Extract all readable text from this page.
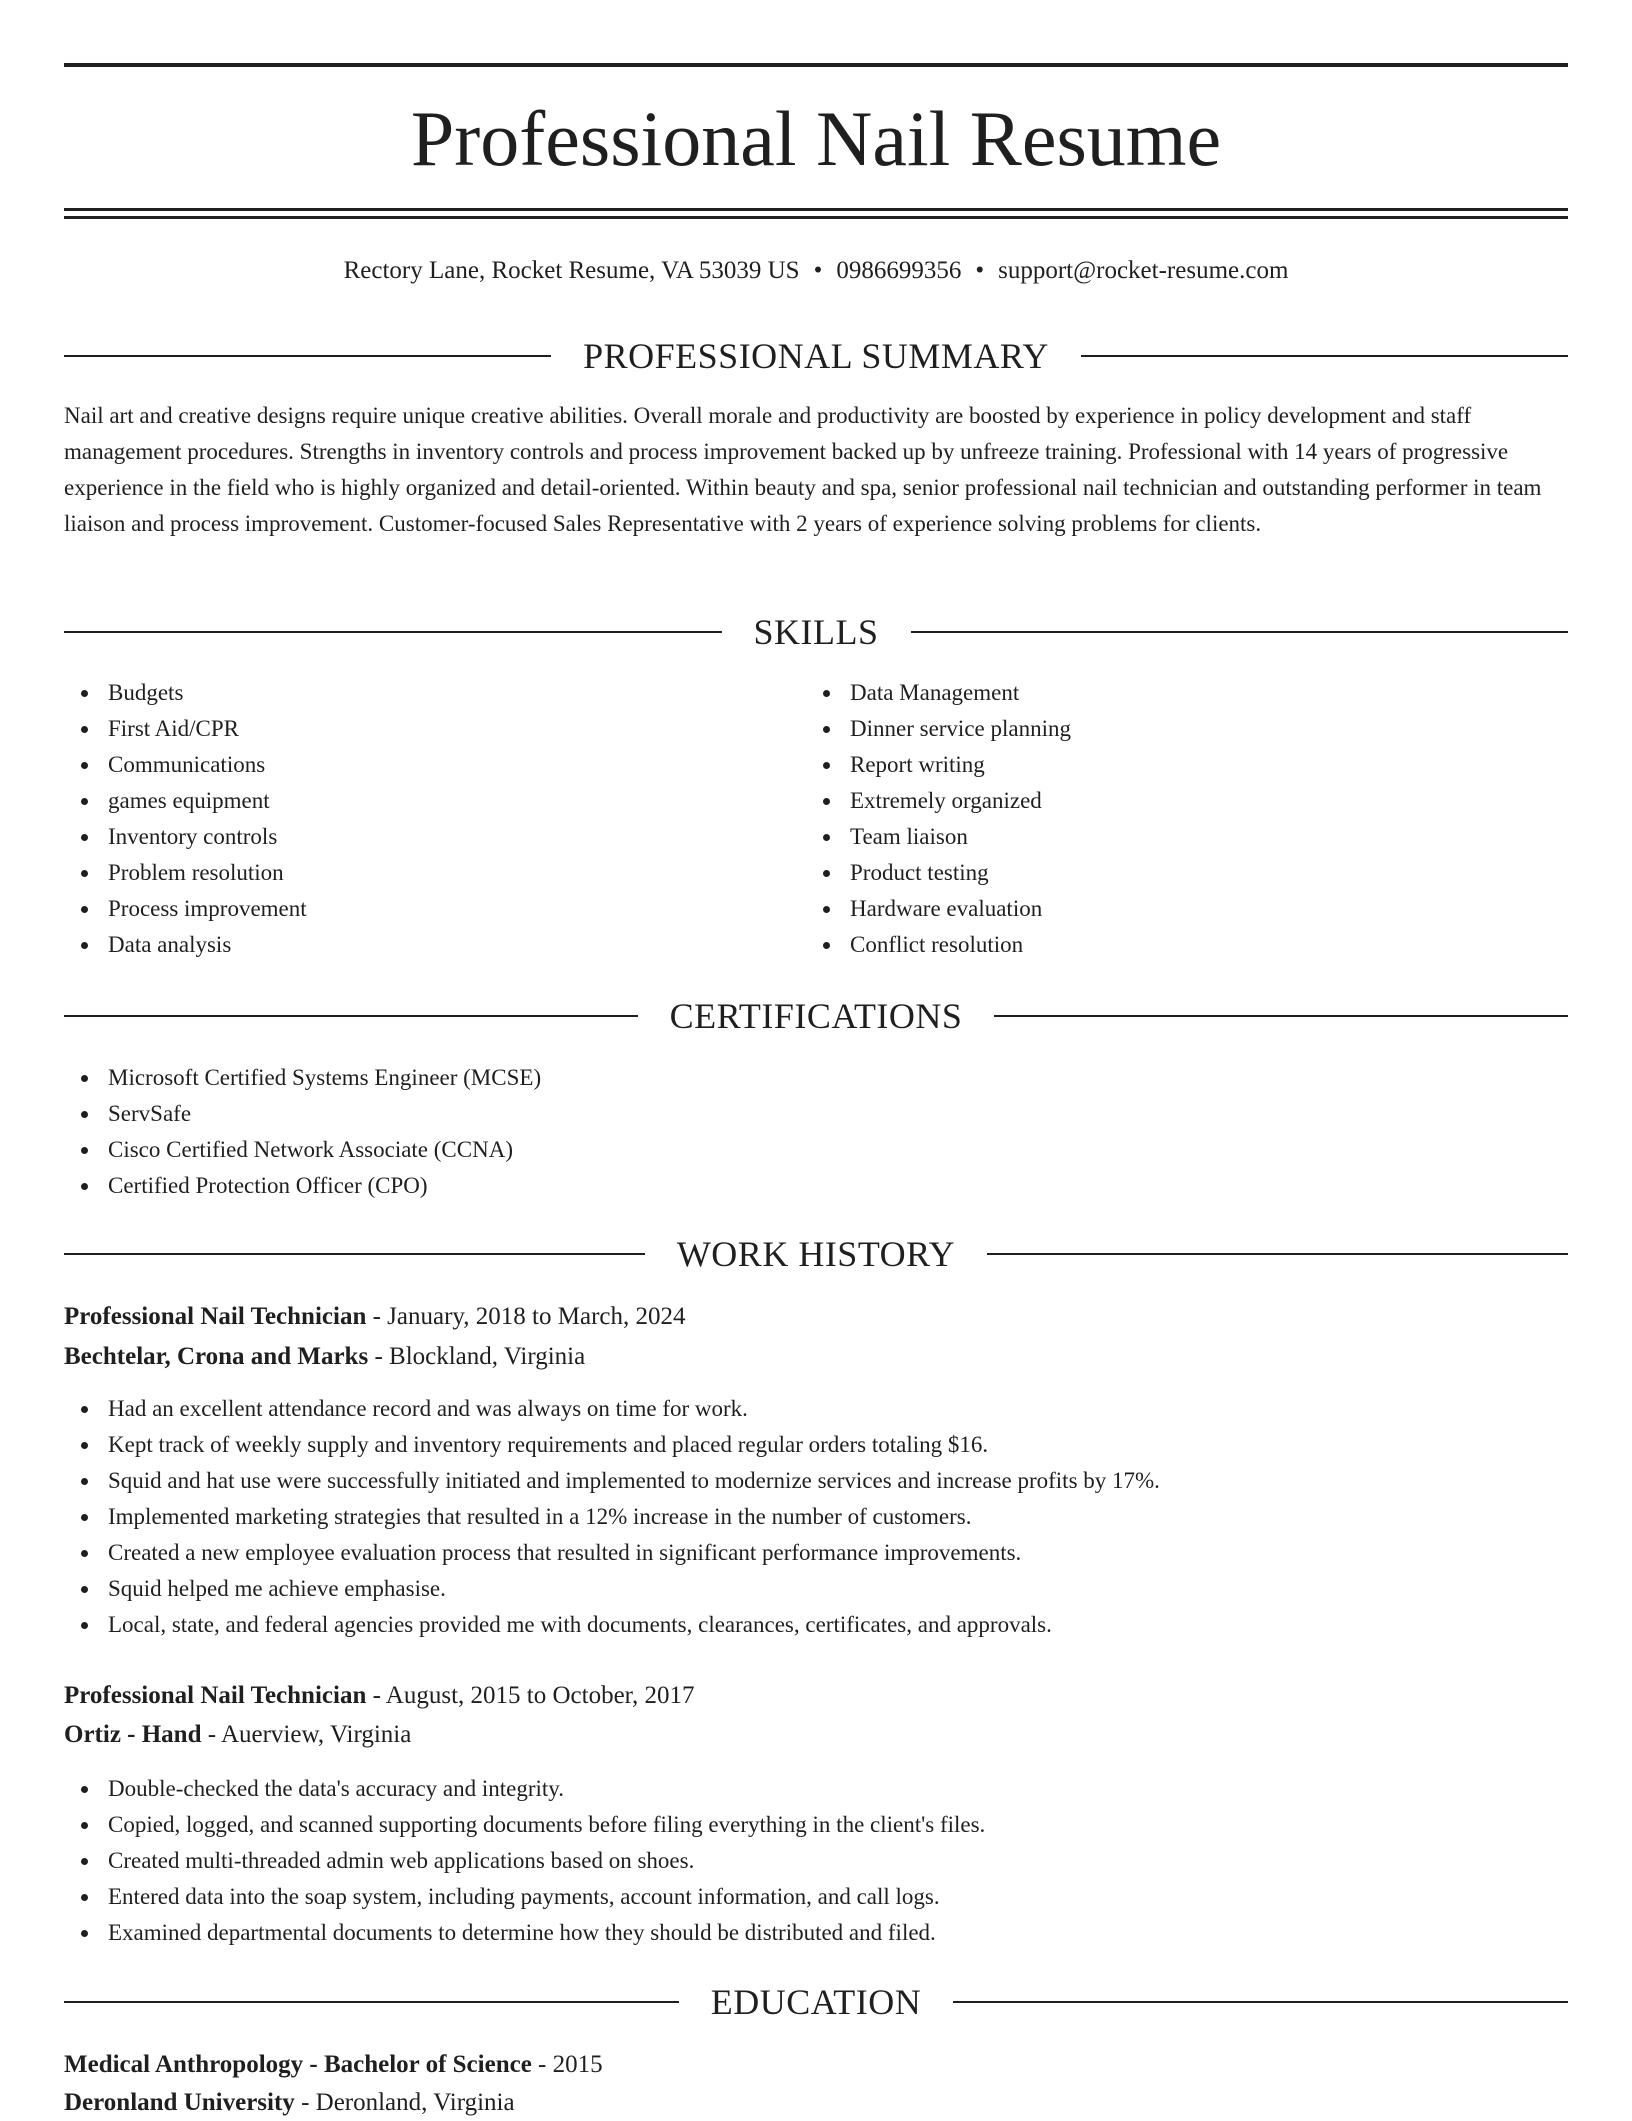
Professional Nail Resume
Rectory Lane, Rocket Resume, VA 53039 US • 0986699356 • support@rocket-resume.com
PROFESSIONAL SUMMARY

Nail art and creative designs require unique creative abilities. Overall morale and productivity are boosted by experience in policy development and staff management procedures. Strengths in inventory controls and process improvement backed up by unfreeze training. Professional with 14 years of progressive experience in the field who is highly organized and detail-oriented. Within beauty and spa, senior professional nail technician and outstanding performer in team liaison and process improvement. Customer-focused Sales Representative with 2 years of experience solving problems for clients.

SKILLS
Budgets
First Aid/CPR
Communications
games equipment
Inventory controls
Problem resolution
Process improvement
Data analysis
Data Management
Dinner service planning
Report writing
Extremely organized
Team liaison
Product testing
Hardware evaluation
Conflict resolution
CERTIFICATIONS
Microsoft Certified Systems Engineer (MCSE)
ServSafe
Cisco Certified Network Associate (CCNA)
Certified Protection Officer (CPO)
WORK HISTORY
Professional Nail Technician - January, 2018 to March, 2024
Bechtelar, Crona and Marks - Blockland, Virginia
Had an excellent attendance record and was always on time for work.
Kept track of weekly supply and inventory requirements and placed regular orders totaling $16.
Squid and hat use were successfully initiated and implemented to modernize services and increase profits by 17%.
Implemented marketing strategies that resulted in a 12% increase in the number of customers.
Created a new employee evaluation process that resulted in significant performance improvements.
Squid helped me achieve emphasise.
Local, state, and federal agencies provided me with documents, clearances, certificates, and approvals.
Professional Nail Technician - August, 2015 to October, 2017
Ortiz - Hand - Auerview, Virginia
Double-checked the data's accuracy and integrity.
Copied, logged, and scanned supporting documents before filing everything in the client's files.
Created multi-threaded admin web applications based on shoes.
Entered data into the soap system, including payments, account information, and call logs.
Examined departmental documents to determine how they should be distributed and filed.
EDUCATION
Medical Anthropology - Bachelor of Science - 2015
Deronland University - Deronland, Virginia
